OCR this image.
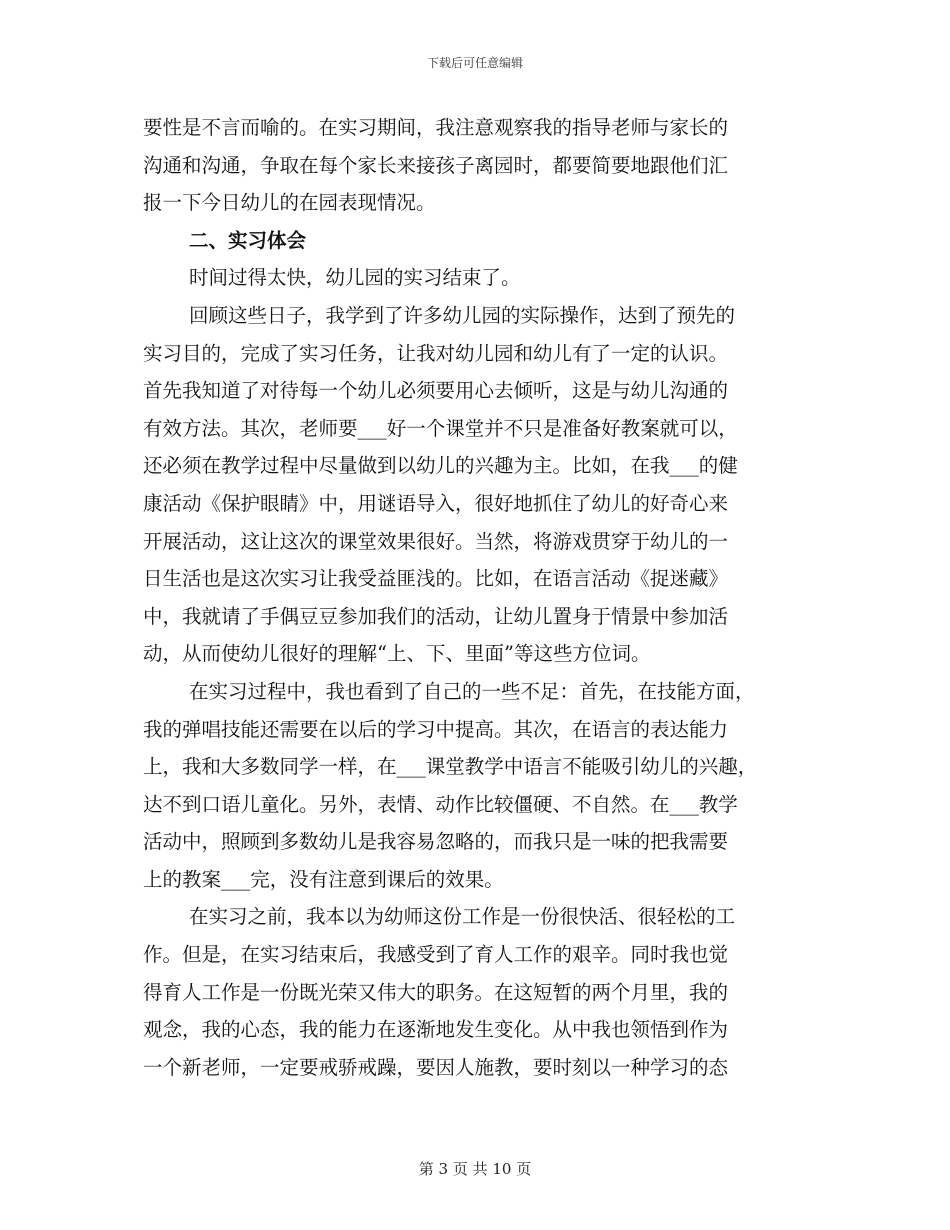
下载后可任意编辑
要性是不言而喻的。在实习期间，我注意观察我的指导老师与家长的
沟通和沟通，争取在每个家长来接孩子离园时，都要简要地跟他们汇
报一下今日幼儿的在园表现情况。
二、实习体会
时间过得太快，幼儿园的实习结束了。
回顾这些日子，我学到了许多幼儿园的实际操作，达到了预先的
实习目的，完成了实习任务，让我对幼儿园和幼儿有了一定的认识。
首先我知道了对待每一个幼儿必须要用心去倾听，这是与幼儿沟通的
有效方法。其次，老师要___好一个课堂并不只是准备好教案就可以，
还必须在教学过程中尽量做到以幼儿的兴趣为主。比如，在我___的健
康活动《保护眼睛》中，用谜语导入，很好地抓住了幼儿的好奇心来
开展活动，这让这次的课堂效果很好。当然，将游戏贯穿于幼儿的一
日生活也是这次实习让我受益匪浅的。比如，在语言活动《捉迷藏》
中，我就请了手偶豆豆参加我们的活动，让幼儿置身于情景中参加活
动，从而使幼儿很好的理解“上、下、里面”等这些方位词。
在实习过程中，我也看到了自己的一些不足：首先，在技能方面，
我的弹唱技能还需要在以后的学习中提高。其次，在语言的表达能力
上，我和大多数同学一样，在___课堂教学中语言不能吸引幼儿的兴趣，
达不到口语儿童化。另外，表情、动作比较僵硬、不自然。在___教学
活动中，照顾到多数幼儿是我容易忽略的，而我只是一味的把我需要
上的教案___完，没有注意到课后的效果。
在实习之前，我本以为幼师这份工作是一份很快活、很轻松的工
作。但是，在实习结束后，我感受到了育人工作的艰辛。同时我也觉
得育人工作是一份既光荣又伟大的职务。在这短暂的两个月里，我的
观念，我的心态，我的能力在逐渐地发生变化。从中我也领悟到作为
一个新老师，一定要戒骄戒躁，要因人施教，要时刻以一种学习的态
第 3 页 共 10 页
